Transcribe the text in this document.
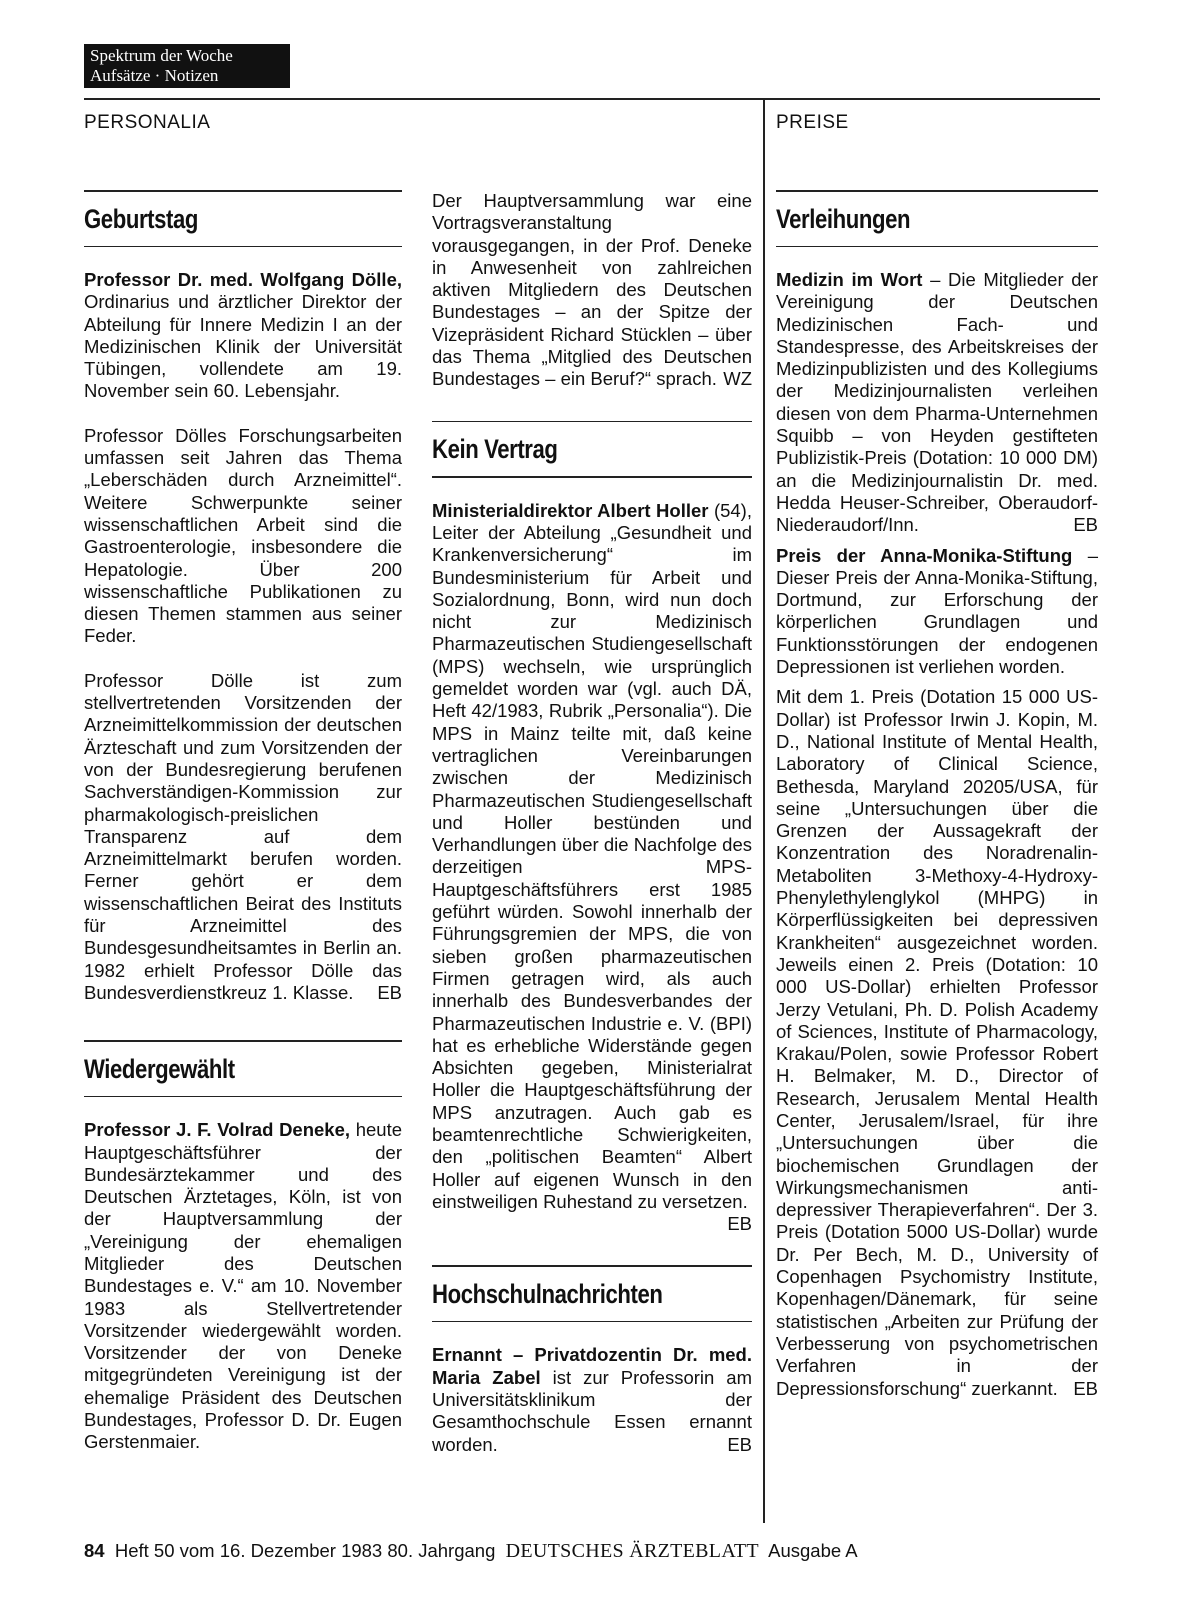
Spektrum der Woche
Aufsätze · Notizen
PERSONALIA	PREISE
Geburtstag

Professor Dr. med. Wolfgang Dölle, Ordinarius und ärztlicher Direktor der Abteilung für Innere Medizin I an der Medizinischen Klinik der Universität Tübingen, vollendete am 19. November sein 60. Lebensjahr.

Professor Dölles Forschungsarbeiten umfassen seit Jahren das Thema „Leberschäden durch Arzneimittel“. Weitere Schwerpunkte seiner wissenschaftlichen Arbeit sind die Gastroenterologie, insbesondere die Hepatologie. Über 200 wissenschaftliche Publikationen zu diesen Themen stammen aus seiner Feder.

Professor Dölle ist zum stellvertretenden Vorsitzenden der Arzneimittelkommission der deutschen Ärzteschaft und zum Vorsitzenden der von der Bundesregierung berufenen Sachverständigen-Kommission zur pharmakologisch-preislichen Transparenz auf dem Arzneimittelmarkt berufen worden. Ferner gehört er dem wissenschaftlichen Beirat des Instituts für Arzneimittel des Bundesgesundheitsamtes in Berlin an. 1982 erhielt Professor Dölle das Bundesverdienstkreuz 1. Klasse. EB

Wiedergewählt

Professor J. F. Volrad Deneke, heute Hauptgeschäftsführer der Bundesärztekammer und des Deutschen Ärztetages, Köln, ist von der Hauptversammlung der „Vereinigung der ehemaligen Mitglieder des Deutschen Bundestages e. V.“ am 10. November 1983 als Stellvertretender Vorsitzender wiedergewählt worden. Vorsitzender der von Deneke mitgegründeten Vereinigung ist der ehemalige Präsident des Deutschen Bundestages, Professor D. Dr. Eugen Gerstenmaier.

Der Hauptversammlung war eine Vortragsveranstaltung vorausgegangen, in der Prof. Deneke in Anwesenheit von zahlreichen aktiven Mitgliedern des Deutschen Bundestages – an der Spitze der Vizepräsident Richard Stücklen – über das Thema „Mitglied des Deutschen Bundestages – ein Beruf?“ sprach. WZ

Kein Vertrag

Ministerialdirektor Albert Holler (54), Leiter der Abteilung „Gesundheit und Krankenversicherung“ im Bundesministerium für Arbeit und Sozialordnung, Bonn, wird nun doch nicht zur Medizinisch Pharmazeutischen Studiengesellschaft (MPS) wechseln, wie ursprünglich gemeldet worden war (vgl. auch DÄ, Heft 42/1983, Rubrik „Personalia“). Die MPS in Mainz teilte mit, daß keine vertraglichen Vereinbarungen zwischen der Medizinisch Pharmazeutischen Studiengesellschaft und Holler bestünden und Verhandlungen über die Nachfolge des derzeitigen MPS-Hauptgeschäftsführers erst 1985 geführt würden. Sowohl innerhalb der Führungsgremien der MPS, die von sieben großen pharmazeutischen Firmen getragen wird, als auch innerhalb des Bundesverbandes der Pharmazeutischen Industrie e. V. (BPI) hat es erhebliche Widerstände gegen Absichten gegeben, Ministerialrat Holler die Hauptgeschäftsführung der MPS anzutragen. Auch gab es beamtenrechtliche Schwierigkeiten, den „politischen Beamten“ Albert Holler auf eigenen Wunsch in den einstweiligen Ruhestand zu versetzen.
EB

Hochschulnachrichten

Ernannt – Privatdozentin Dr. med. Maria Zabel ist zur Professorin am Universitätsklinikum der Gesamthochschule Essen ernannt worden.	EB

Verleihungen

Medizin im Wort – Die Mitglieder der Vereinigung der Deutschen Medizinischen Fach- und Standespresse, des Arbeitskreises der Medizinpublizisten und des Kollegiums der Medizinjournalisten verleihen diesen von dem Pharma-Unternehmen Squibb – von Heyden gestifteten Publizistik-Preis (Dotation: 10 000 DM) an die Medizinjournalistin Dr. med. Hedda Heuser-Schreiber, Oberaudorf-Niederaudorf/Inn.	EB

Preis der Anna-Monika-Stiftung – Dieser Preis der Anna-Monika-Stiftung, Dortmund, zur Erforschung der körperlichen Grundlagen und Funktionsstörungen der endogenen Depressionen ist verliehen worden.

Mit dem 1. Preis (Dotation 15 000 US-Dollar) ist Professor Irwin J. Kopin, M. D., National Institute of Mental Health, Laboratory of Clinical Science, Bethesda, Maryland 20205/USA, für seine „Untersuchungen über die Grenzen der Aussagekraft der Konzentration des Noradrenalin-Metaboliten 3-Methoxy-4-Hydroxy-Phenylethylenglykol (MHPG) in Körperflüssigkeiten bei depressiven Krankheiten“ ausgezeichnet worden. Jeweils einen 2. Preis (Dotation: 10 000 US-Dollar) erhielten Professor Jerzy Vetulani, Ph. D. Polish Academy of Sciences, Institute of Pharmacology, Krakau/Polen, sowie Professor Robert H. Belmaker, M. D., Director of Research, Jerusalem Mental Health Center, Jerusalem/Israel, für ihre „Untersuchungen über die biochemischen Grundlagen der Wirkungsmechanismen anti-depressiver Therapieverfahren“. Der 3. Preis (Dotation 5000 US-Dollar) wurde Dr. Per Bech, M. D., University of Copenhagen Psychomistry Institute, Kopenhagen/Dänemark, für seine statistischen „Arbeiten zur Prüfung der Verbesserung von psychometrischen Verfahren in der Depressionsforschung“ zuerkannt. EB

84 Heft 50 vom 16. Dezember 1983 80. Jahrgang DEUTSCHES ÄRZTEBLATT Ausgabe A
